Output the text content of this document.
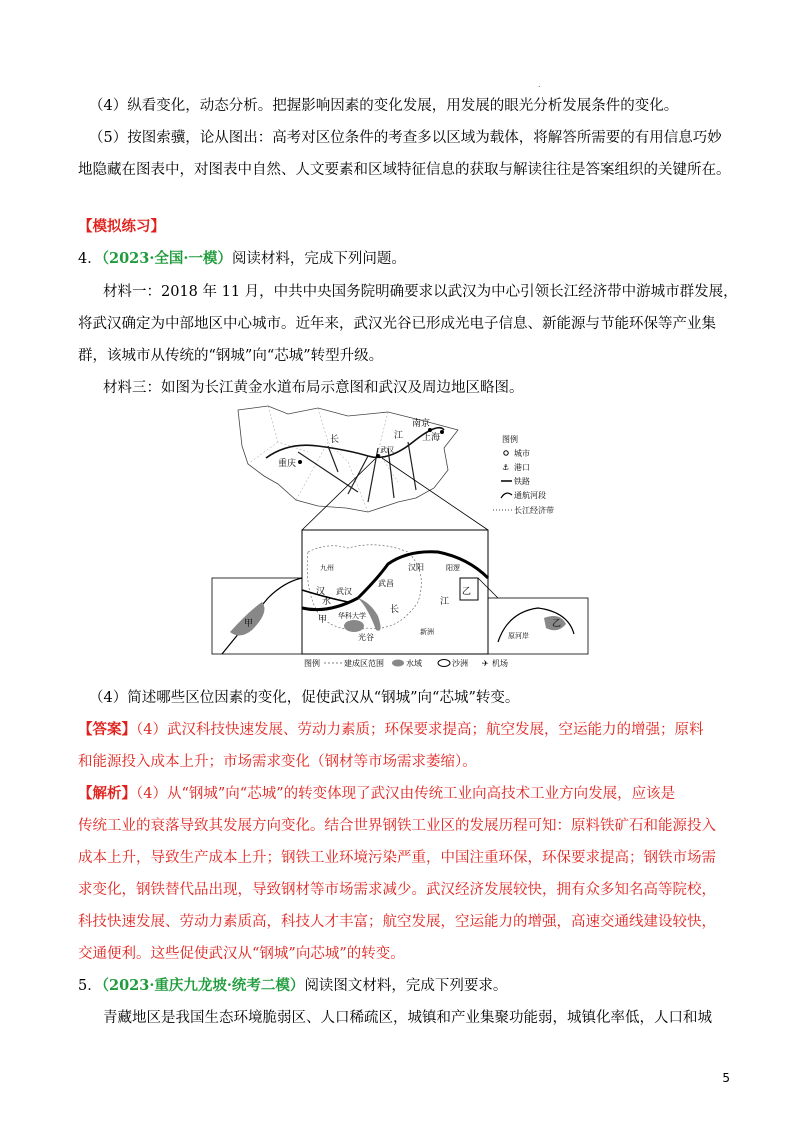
.
（4）纵看变化，动态分析。把握影响因素的变化发展，用发展的眼光分析发展条件的变化。
（5）按图索骥，论从图出：高考对区位条件的考查多以区域为载体，将解答所需要的有用信息巧妙
地隐藏在图表中，对图表中自然、人文要素和区域特征信息的获取与解读往往是答案组织的关键所在。
【模拟练习】
4．（2023·全国·一模）阅读材料，完成下列问题。
材料一：2018 年 11 月，中共中央国务院明确要求以武汉为中心引领长江经济带中游城市群发展，
将武汉确定为中部地区中心城市。近年来，武汉光谷已形成光电子信息、新能源与节能环保等产业集
群，该城市从传统的“钢城”向“芯城”转型升级。
材料三：如图为长江黄金水道布局示意图和武汉及周边地区略图。
南京
上海
重庆
长	江
武汉
图例
城市
⚓ 港口
铁路
通航河段
长江经济带
汉
水
武汉
武昌
汉阳
甲 华科大学
光谷
江
长
九州	阳逻
新洲
乙
甲	乙
原河岸
图例	建成区范围	水域	沙洲 ✈ 机场
（4）简述哪些区位因素的变化，促使武汉从“钢城”向“芯城”转变。
【答案】（4）武汉科技快速发展、劳动力素质；环保要求提高；航空发展，空运能力的增强；原料
和能源投入成本上升；市场需求变化（钢材等市场需求萎缩）。
【解析】（4）从“钢城”向“芯城”的转变体现了武汉由传统工业向高技术工业方向发展，应该是
传统工业的衰落导致其发展方向变化。结合世界钢铁工业区的发展历程可知：原料铁矿石和能源投入
成本上升，导致生产成本上升；钢铁工业环境污染严重，中国注重环保，环保要求提高；钢铁市场需
求变化，钢铁替代品出现，导致钢材等市场需求减少。武汉经济发展较快，拥有众多知名高等院校，
科技快速发展、劳动力素质高，科技人才丰富；航空发展，空运能力的增强，高速交通线建设较快，
交通便利。这些促使武汉从“钢城”向芯城”的转变。
5．（2023·重庆九龙坡·统考二模）阅读图文材料，完成下列要求。
青藏地区是我国生态环境脆弱区、人口稀疏区，城镇和产业集聚功能弱，城镇化率低，人口和城
5
